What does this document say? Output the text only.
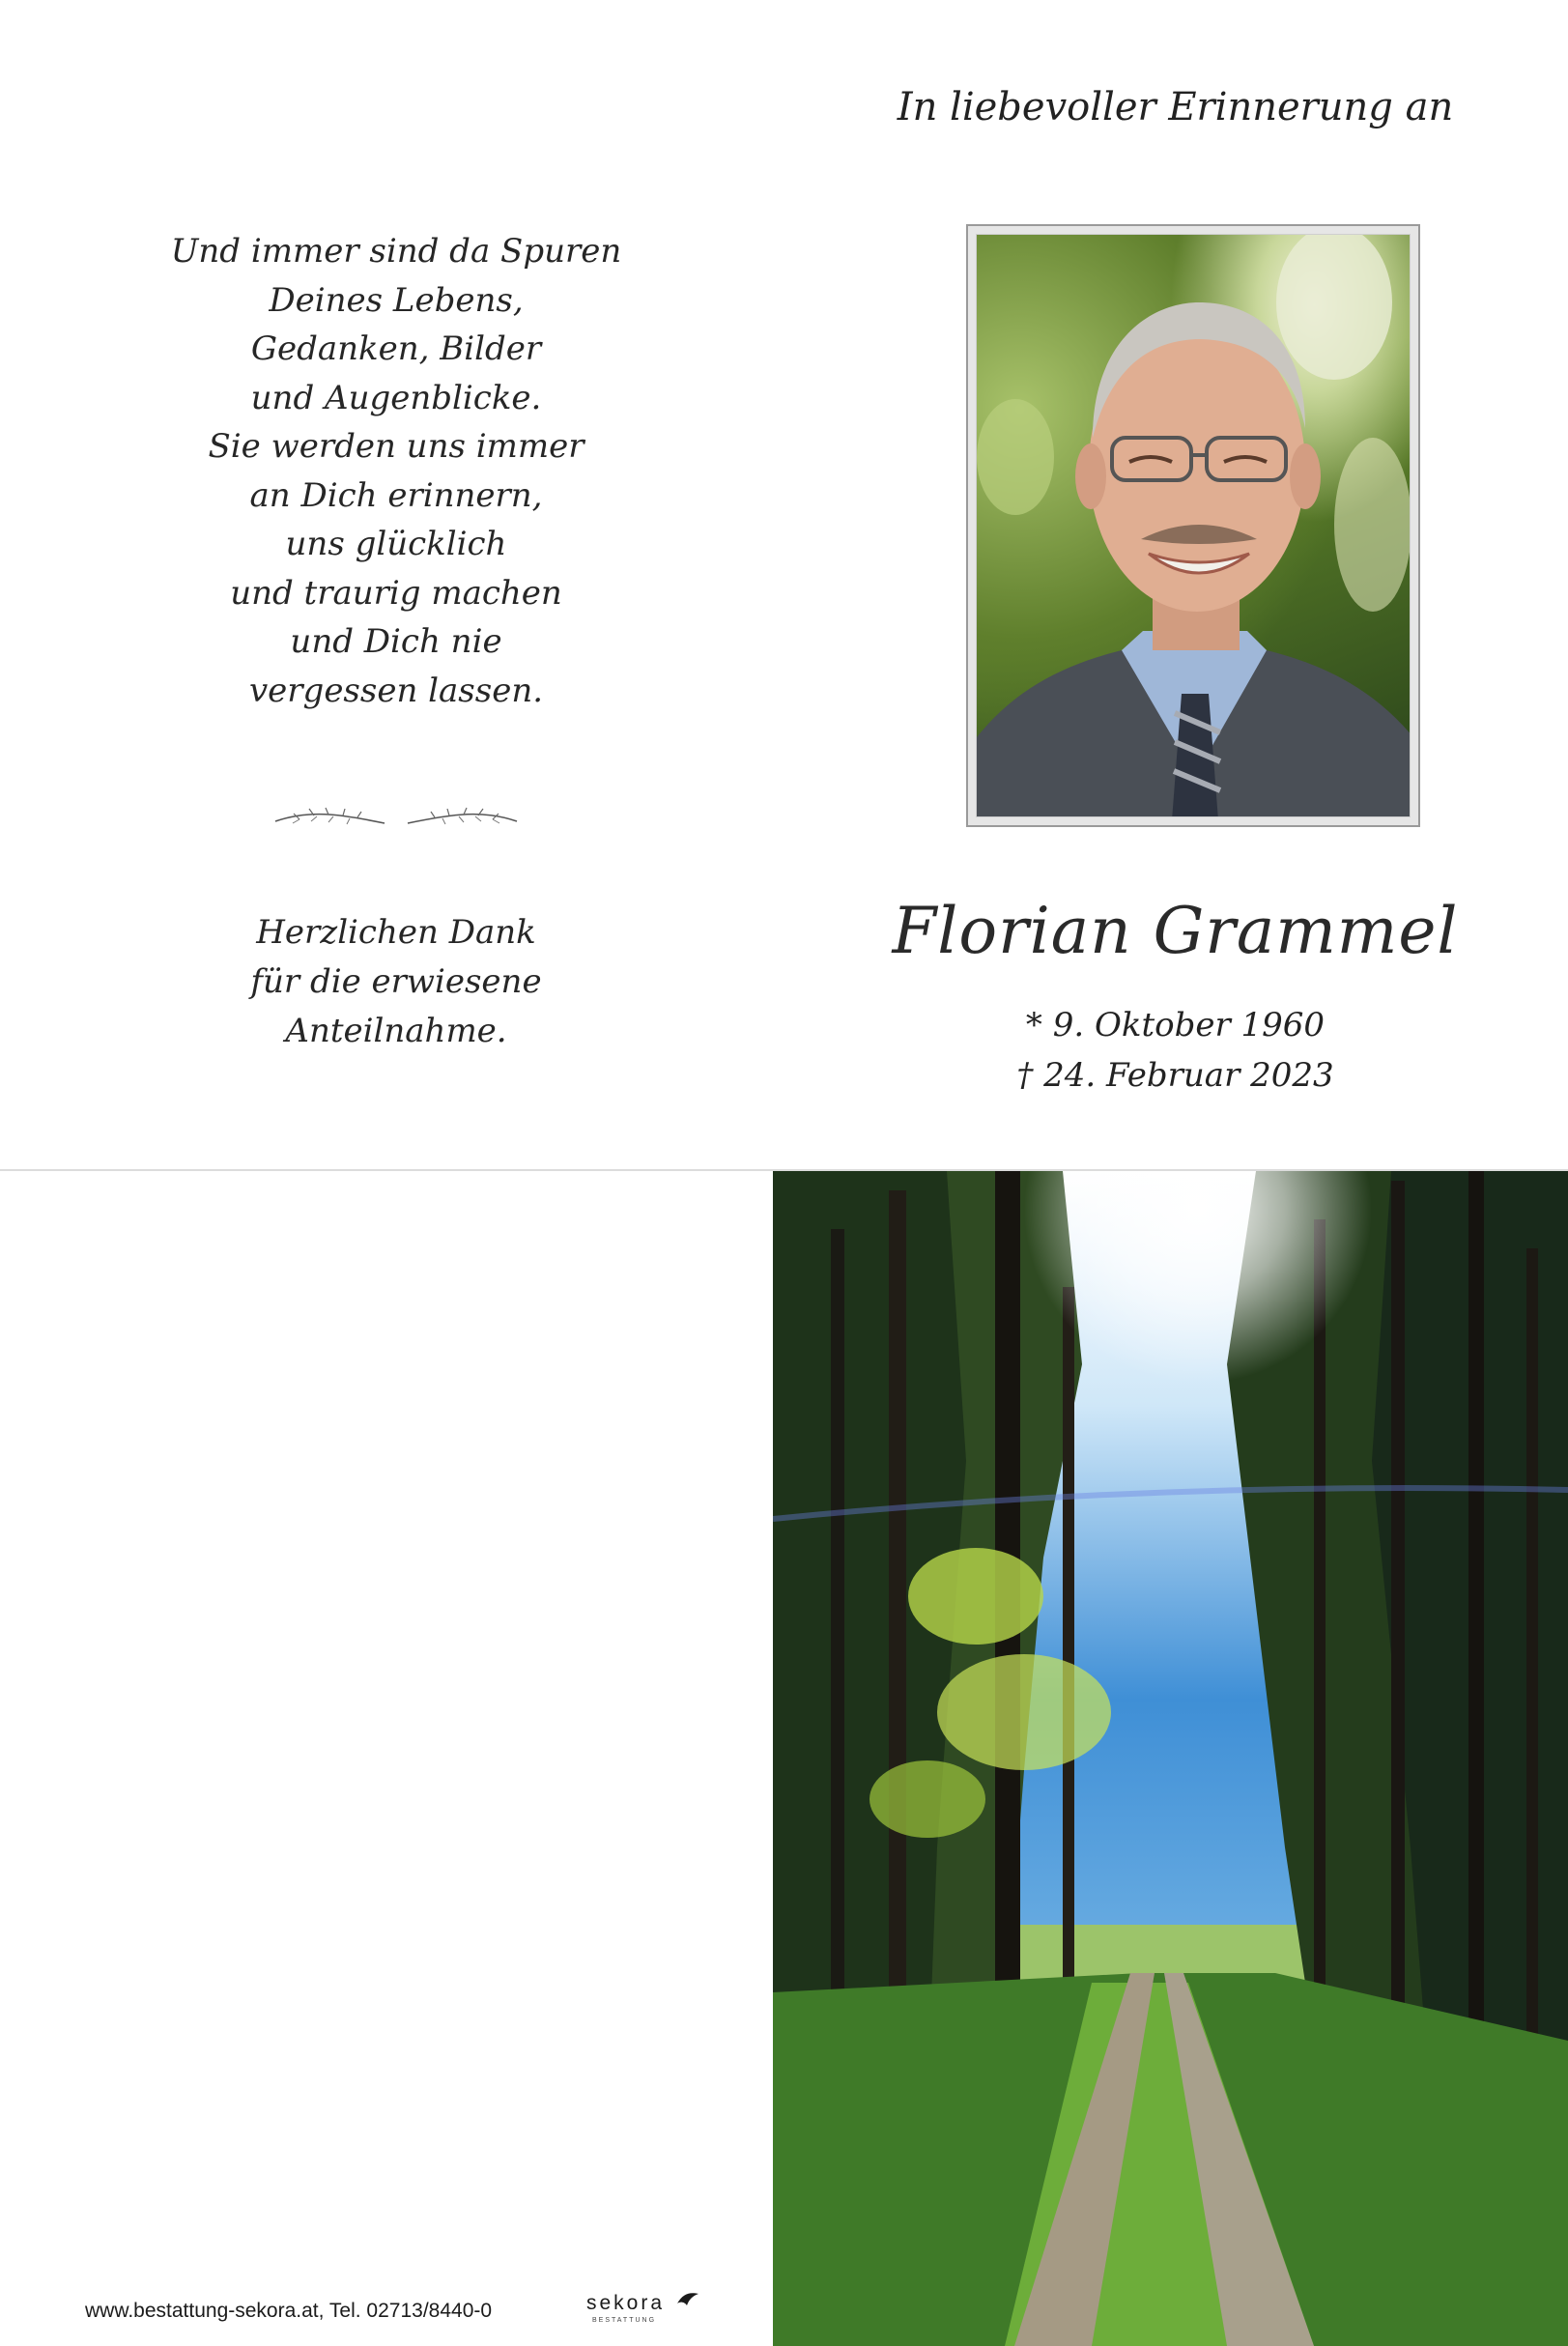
In liebevoller Erinnerung an
Und immer sind da Spuren
Deines Lebens,
Gedanken, Bilder
und Augenblicke.
Sie werden uns immer
an Dich erinnern,
uns glücklich
und traurig machen
und Dich nie
vergessen lassen.
Herzlichen Dank
für die erwiesene
Anteilnahme.
Florian Grammel
* 9. Oktober 1960
† 24. Februar 2023
www.bestattung-sekora.at, Tel. 02713/8440-0	sekora
BESTATTUNG
